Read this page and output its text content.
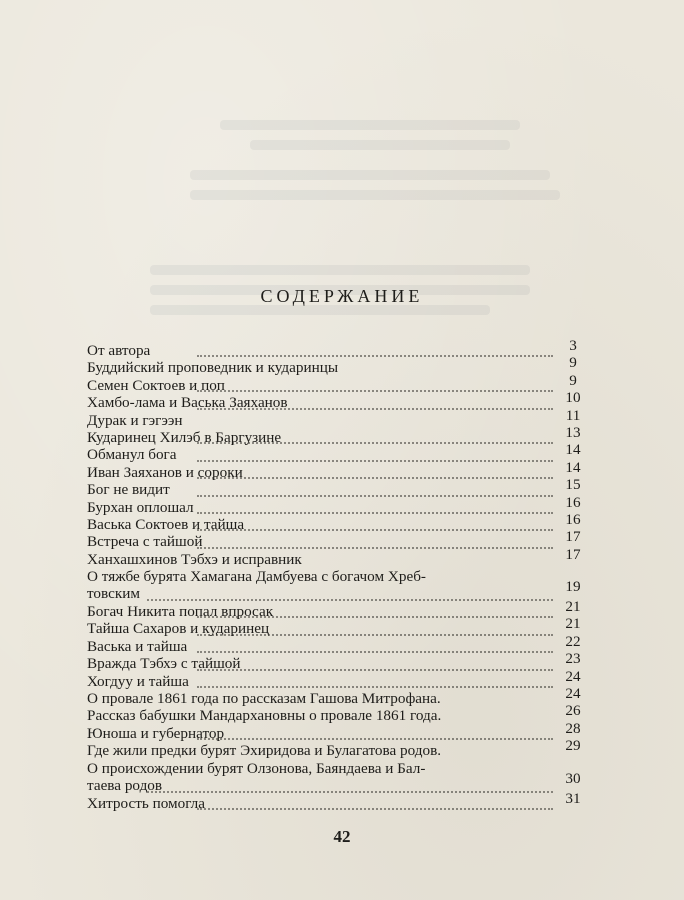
СОДЕРЖАНИЕ
От автора	3
Буддийский проповедник и кударинцы	9
Семен Соктоев и поп	9
Хамбо-лама и Васька Заяханов	10
Дурак и гэгээн	11
Кударинец Хилэб в Баргузине	13
Обманул бога	14
Иван Заяханов и сороки	14
Бог не видит	15
Бурхан оплошал	16
Васька Соктоев и тайша	16
Встреча с тайшой	17
Ханхашхинов Тэбхэ и исправник	17
О тяжбе бурята Хамагана Дамбуева с богачом Хреб-
товским	19
Богач Никита попал впросак	21
Тайша Сахаров и кударинец	21
Васька и тайша	22
Вражда Тэбхэ с тайшой	23
Хогдуу и тайша	24
О провале 1861 года по рассказам Гашова Митрофана.	24
Рассказ бабушки Мандархановны о провале 1861 года.	26
Юноша и губернатор	28
Где жили предки бурят Эхиридова и Булагатова родов.	29
О происхождении бурят Олзонова, Баяндаева и Бал-
таева родов	30
Хитрость помогла	31
42
